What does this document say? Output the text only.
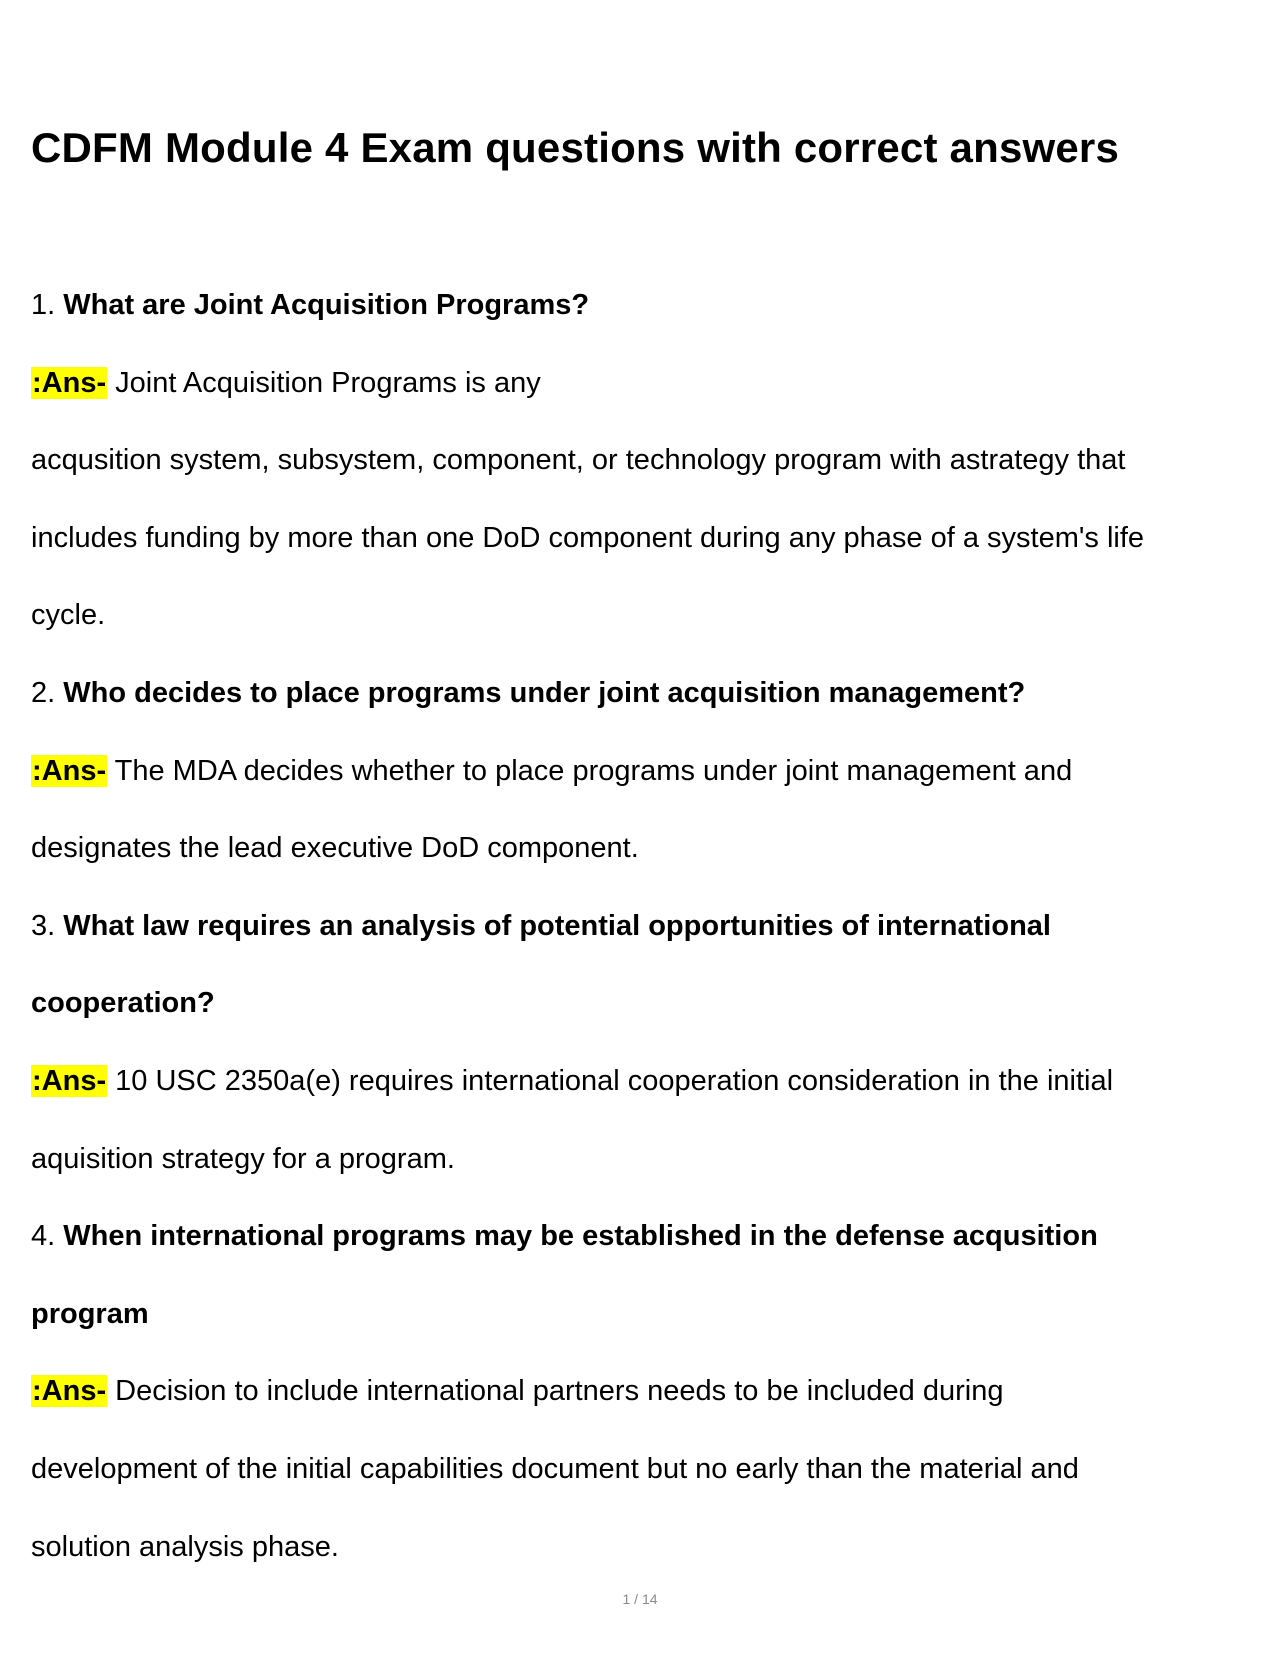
CDFM Module 4 Exam questions with correct answers
1. What are Joint Acquisition Programs?
:Ans- Joint Acquisition Programs is any
acqusition system, subsystem, component, or technology program with astrategy that
includes funding by more than one DoD component during any phase of a system's life
cycle.
2. Who decides to place programs under joint acquisition management?
:Ans- The MDA decides whether to place programs under joint management and
designates the lead executive DoD component.
3. What law requires an analysis of potential opportunities of international
cooperation?
:Ans- 10 USC 2350a(e) requires international cooperation consideration in the initial
aquisition strategy for a program.
4. When international programs may be established in the defense acqusition
program
:Ans- Decision to include international partners needs to be included during
development of the initial capabilities document but no early than the material and
solution analysis phase.
1 / 14
